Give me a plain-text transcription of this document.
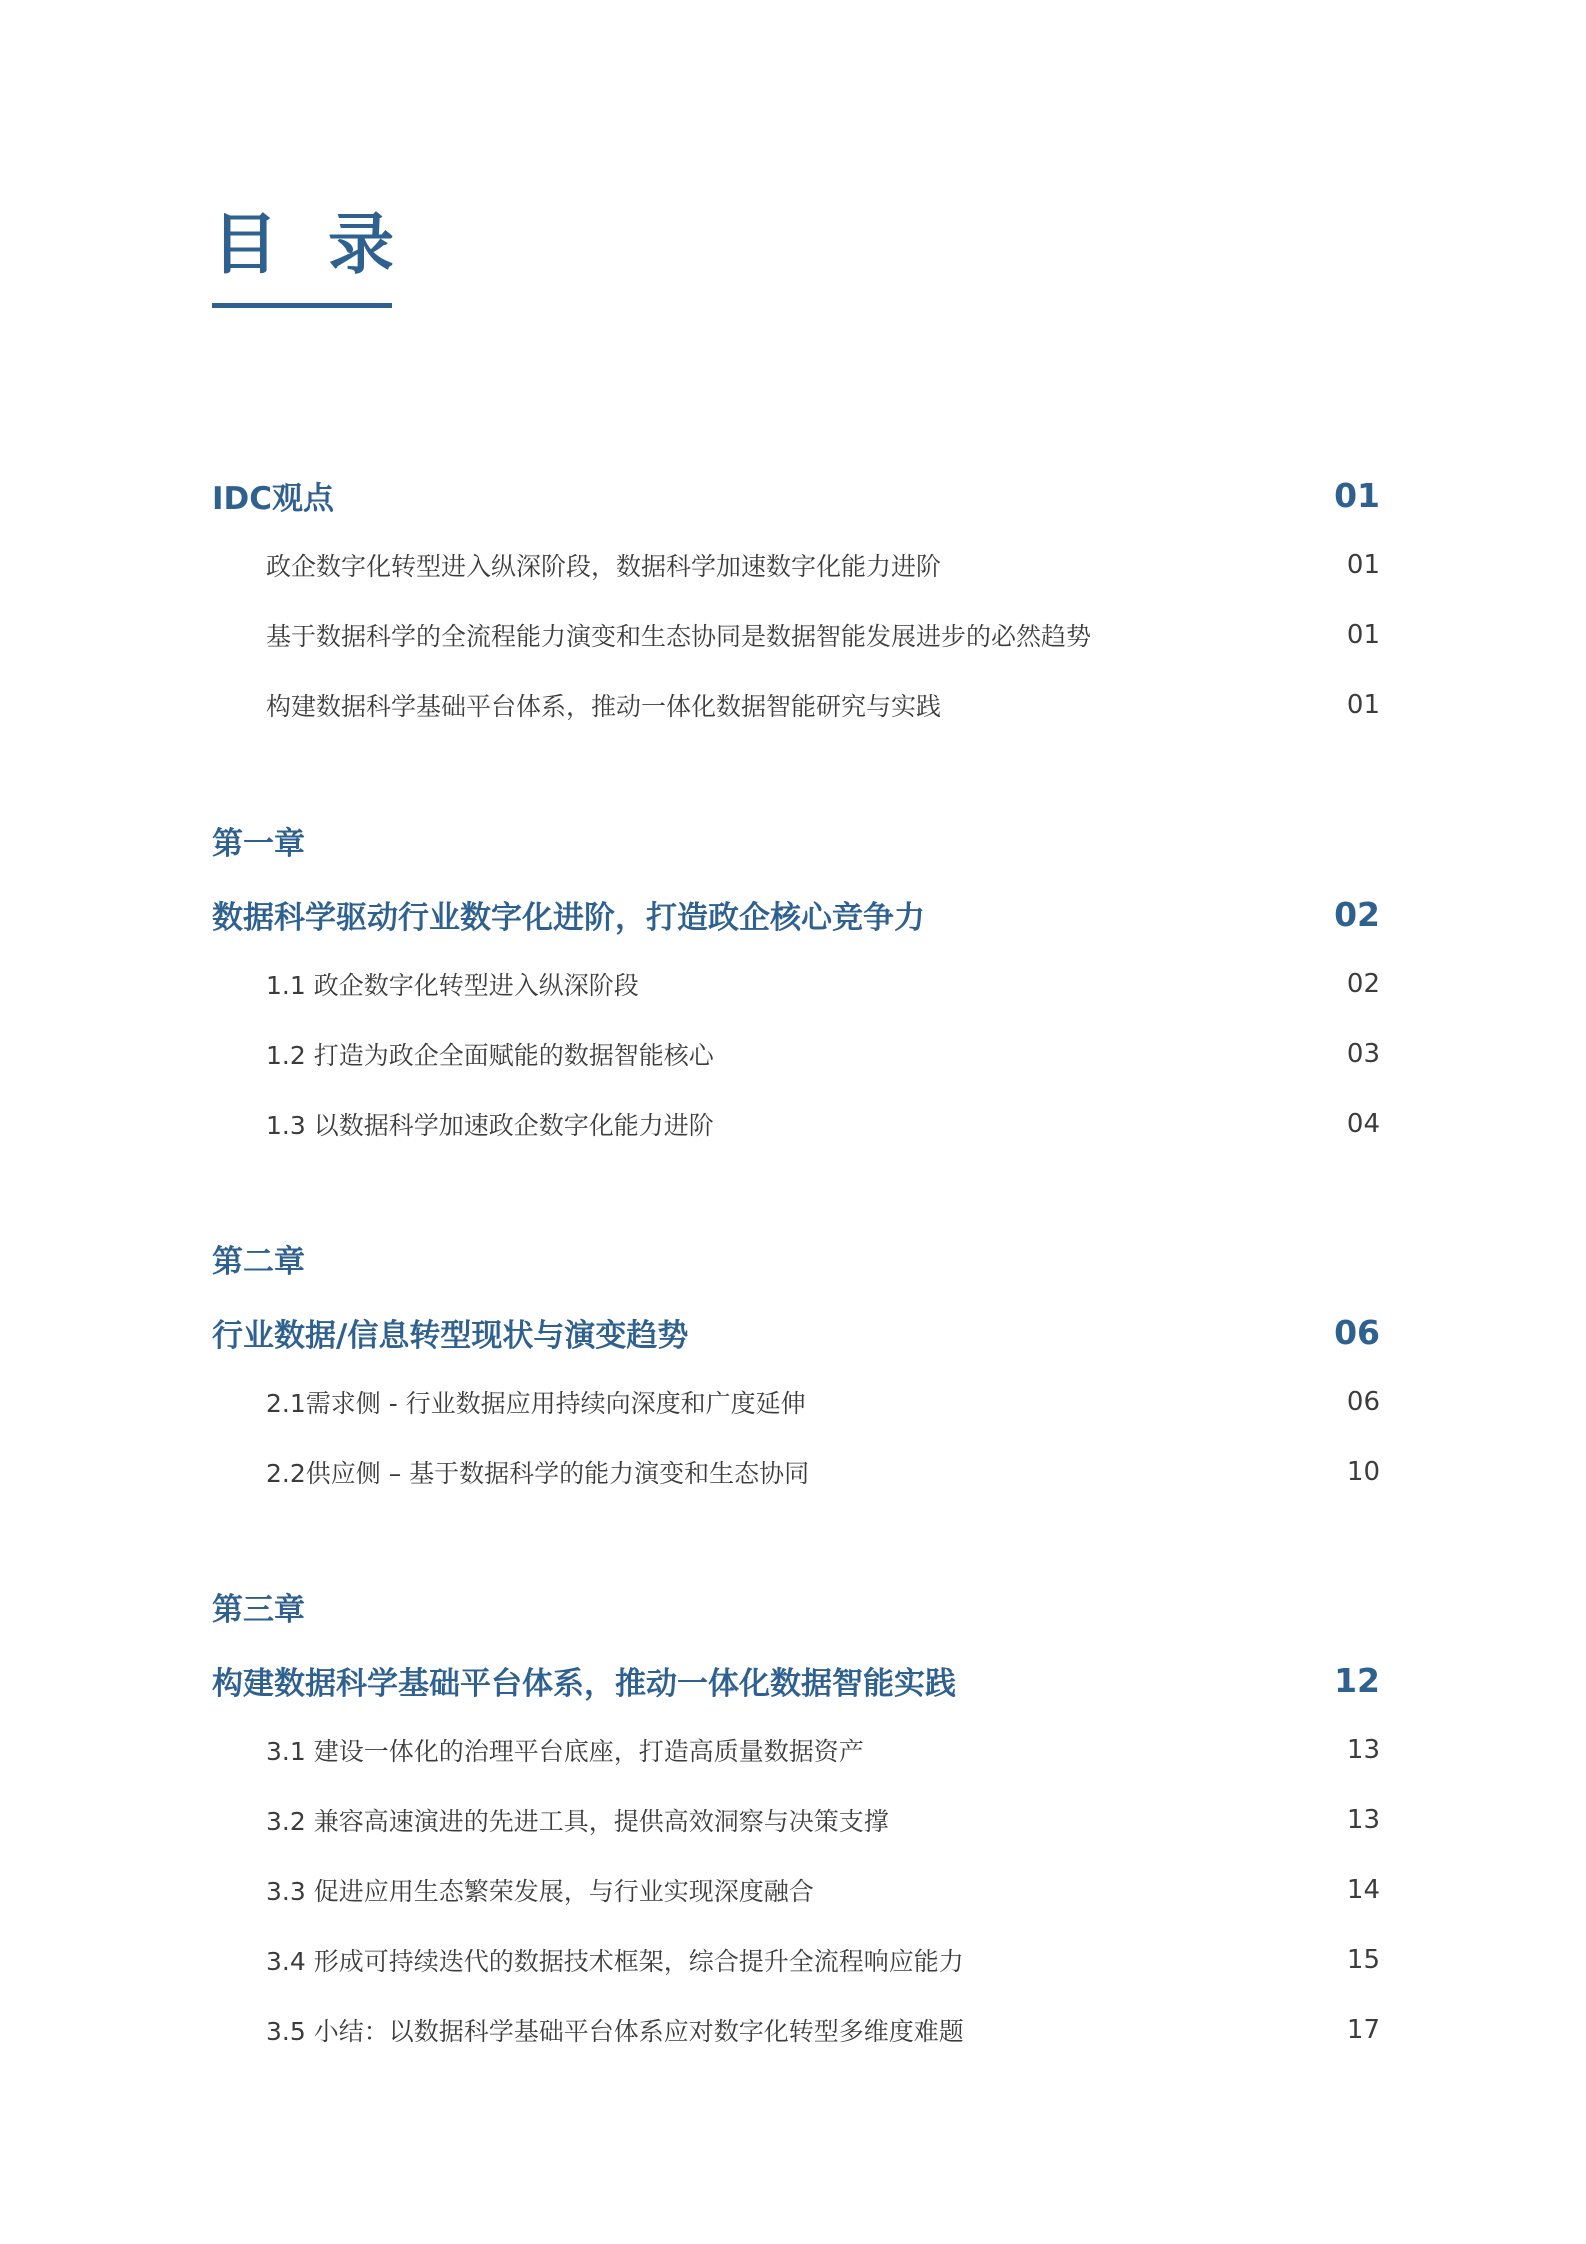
目录
IDC观点	01
政企数字化转型进入纵深阶段，数据科学加速数字化能力进阶	01
基于数据科学的全流程能力演变和生态协同是数据智能发展进步的必然趋势	01
构建数据科学基础平台体系，推动一体化数据智能研究与实践	01
第一章
数据科学驱动行业数字化进阶，打造政企核心竞争力	02
1.1 政企数字化转型进入纵深阶段	02
1.2 打造为政企全面赋能的数据智能核心	03
1.3 以数据科学加速政企数字化能力进阶	04
第二章
行业数据/信息转型现状与演变趋势	06
2.1需求侧 - 行业数据应用持续向深度和广度延伸	06
2.2供应侧 – 基于数据科学的能力演变和生态协同	10
第三章
构建数据科学基础平台体系，推动一体化数据智能实践	12
3.1 建设一体化的治理平台底座，打造高质量数据资产	13
3.2 兼容高速演进的先进工具，提供高效洞察与决策支撑	13
3.3 促进应用生态繁荣发展，与行业实现深度融合	14
3.4 形成可持续迭代的数据技术框架，综合提升全流程响应能力	15
3.5 小结：以数据科学基础平台体系应对数字化转型多维度难题	17
